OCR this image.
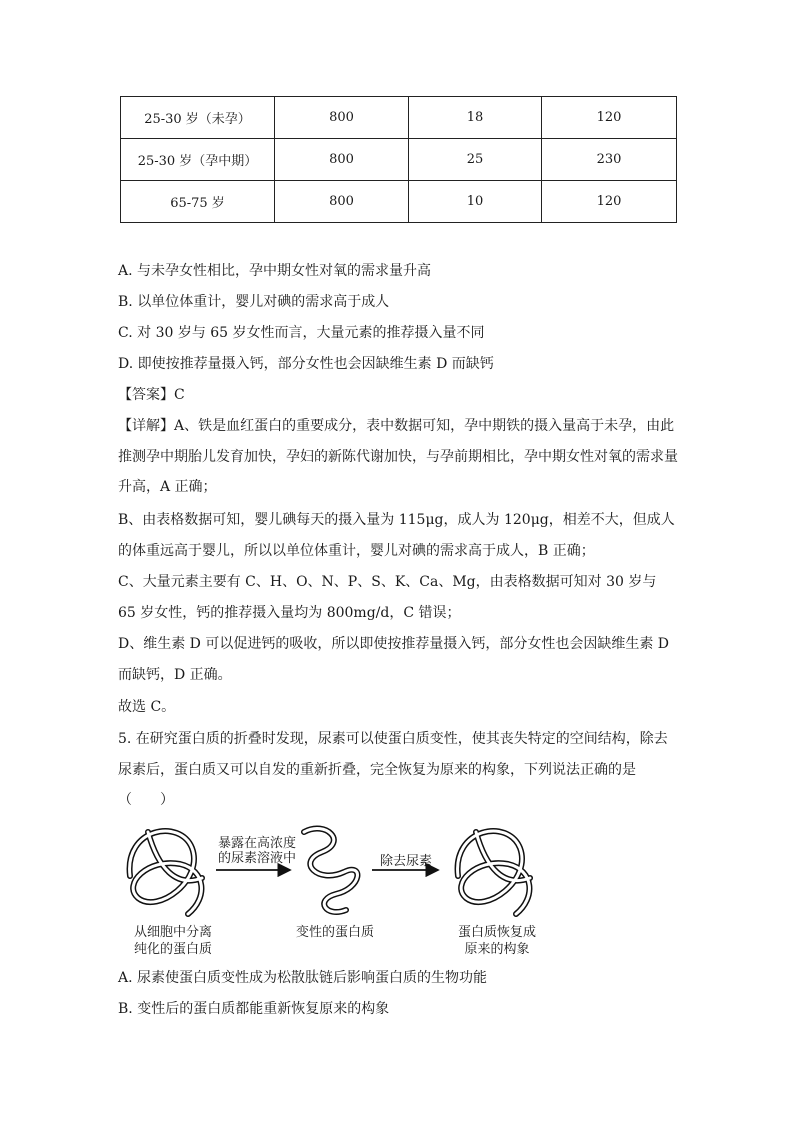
25-30 岁（未孕）	800	18	120
25-30 岁（孕中期）	800	25	230
65-75 岁	800	10	120
A. 与未孕女性相比，孕中期女性对氧的需求量升高
B. 以单位体重计，婴儿对碘的需求高于成人
C. 对 30 岁与 65 岁女性而言，大量元素的推荐摄入量不同
D. 即使按推荐量摄入钙，部分女性也会因缺维生素 D 而缺钙
【答案】C
【详解】A、铁是血红蛋白的重要成分，表中数据可知，孕中期铁的摄入量高于未孕，由此推测孕中期胎儿发育加快，孕妇的新陈代谢加快，与孕前期相比，孕中期女性对氧的需求量升高，A 正确；
B、由表格数据可知，婴儿碘每天的摄入量为 115μg，成人为 120μg，相差不大，但成人的体重远高于婴儿，所以以单位体重计，婴儿对碘的需求高于成人，B 正确；
C、大量元素主要有 C、H、O、N、P、S、K、Ca、Mg，由表格数据可知对 30 岁与 65 岁女性，钙的推荐摄入量均为 800mg/d，C 错误；
D、维生素 D 可以促进钙的吸收，所以即使按推荐量摄入钙，部分女性也会因缺维生素 D 而缺钙，D 正确。
故选 C。
5. 在研究蛋白质的折叠时发现，尿素可以使蛋白质变性，使其丧失特定的空间结构，除去尿素后，蛋白质又可以自发的重新折叠，完全恢复为原来的构象，下列说法正确的是
（　　）
暴露在高浓度
的尿素溶液中	除去尿素
从细胞中分离
纯化的蛋白质
变性的蛋白质	蛋白质恢复成
原来的构象
A. 尿素使蛋白质变性成为松散肽链后影响蛋白质的生物功能
B. 变性后的蛋白质都能重新恢复原来的构象
